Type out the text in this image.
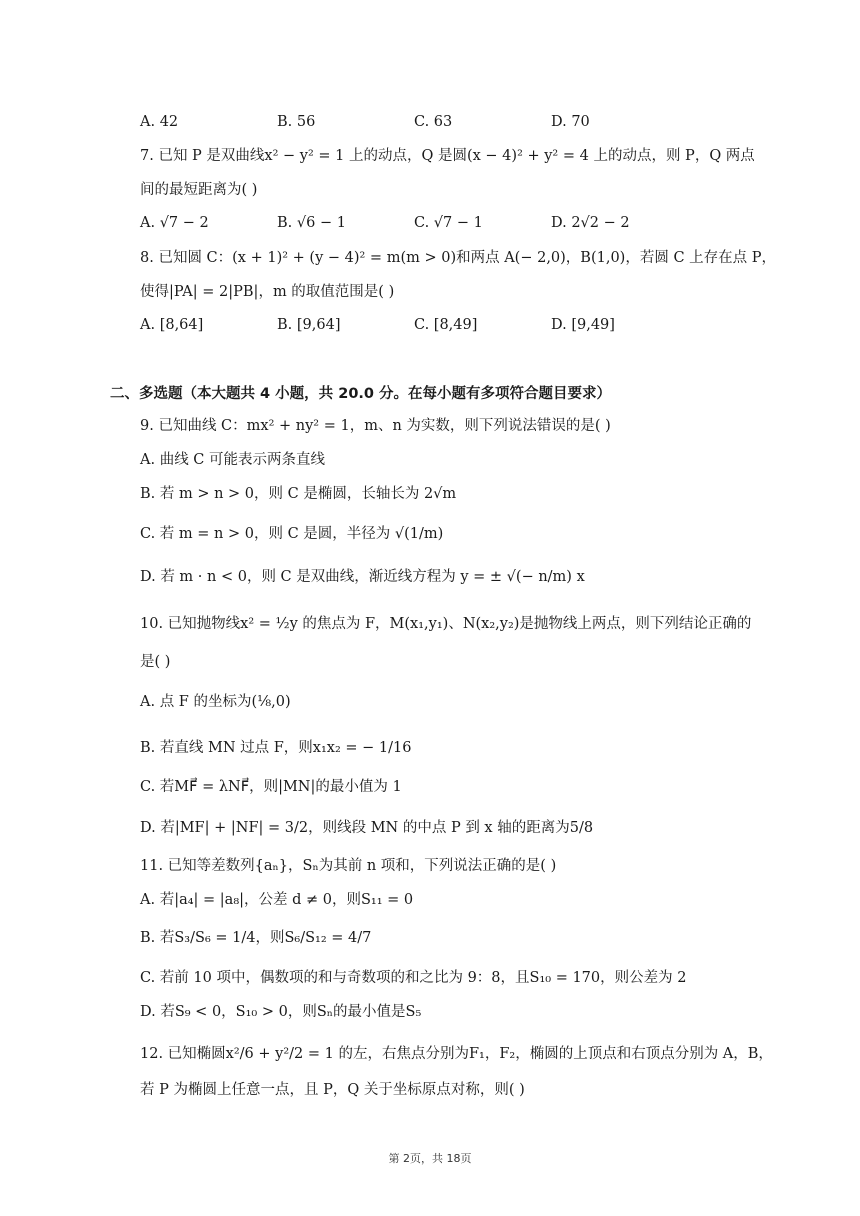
A. 42	B. 56	C. 63	D. 70
7. 已知 P 是双曲线x² − y² = 1 上的动点，Q 是圆(x − 4)² + y² = 4 上的动点，则 P，Q 两点
间的最短距离为( )
A. √7 − 2	B. √6 − 1	C. √7 − 1	D. 2√2 − 2
8. 已知圆 C：(x + 1)² + (y − 4)² = m(m > 0)和两点 A(− 2,0)，B(1,0)，若圆 C 上存在点 P，
使得|PA| = 2|PB|，m 的取值范围是( )
A. [8,64]	B. [9,64]	C. [8,49]	D. [9,49]
二、多选题（本大题共 4 小题，共 20.0 分。在每小题有多项符合题目要求）
9. 已知曲线 C：mx² + ny² = 1，m、n 为实数，则下列说法错误的是( )
A. 曲线 C 可能表示两条直线
B. 若 m > n > 0，则 C 是椭圆，长轴长为 2√m
C. 若 m = n > 0，则 C 是圆，半径为 √(1/m)
D. 若 m · n < 0，则 C 是双曲线，渐近线方程为 y = ± √(− n/m) x
10. 已知抛物线x² = ½y 的焦点为 F，M(x₁,y₁)、N(x₂,y₂)是抛物线上两点，则下列结论正确的
是( )
A. 点 F 的坐标为(⅛,0)
B. 若直线 MN 过点 F，则x₁x₂ = − 1/16
C. 若MF⃗ = λNF⃗，则|MN|的最小值为 1
D. 若|MF| + |NF| = 3/2，则线段 MN 的中点 P 到 x 轴的距离为5/8
11. 已知等差数列{aₙ}，Sₙ为其前 n 项和，下列说法正确的是( )
A. 若|a₄| = |a₈|，公差 d ≠ 0，则S₁₁ = 0
B. 若S₃/S₆ = 1/4，则S₆/S₁₂ = 4/7
C. 若前 10 项中，偶数项的和与奇数项的和之比为 9：8，且S₁₀ = 170，则公差为 2
D. 若S₉ < 0，S₁₀ > 0，则Sₙ的最小值是S₅
12. 已知椭圆x²/6 + y²/2 = 1 的左，右焦点分别为F₁，F₂，椭圆的上顶点和右顶点分别为 A，B，
若 P 为椭圆上任意一点，且 P，Q 关于坐标原点对称，则( )
第 2页，共 18页
